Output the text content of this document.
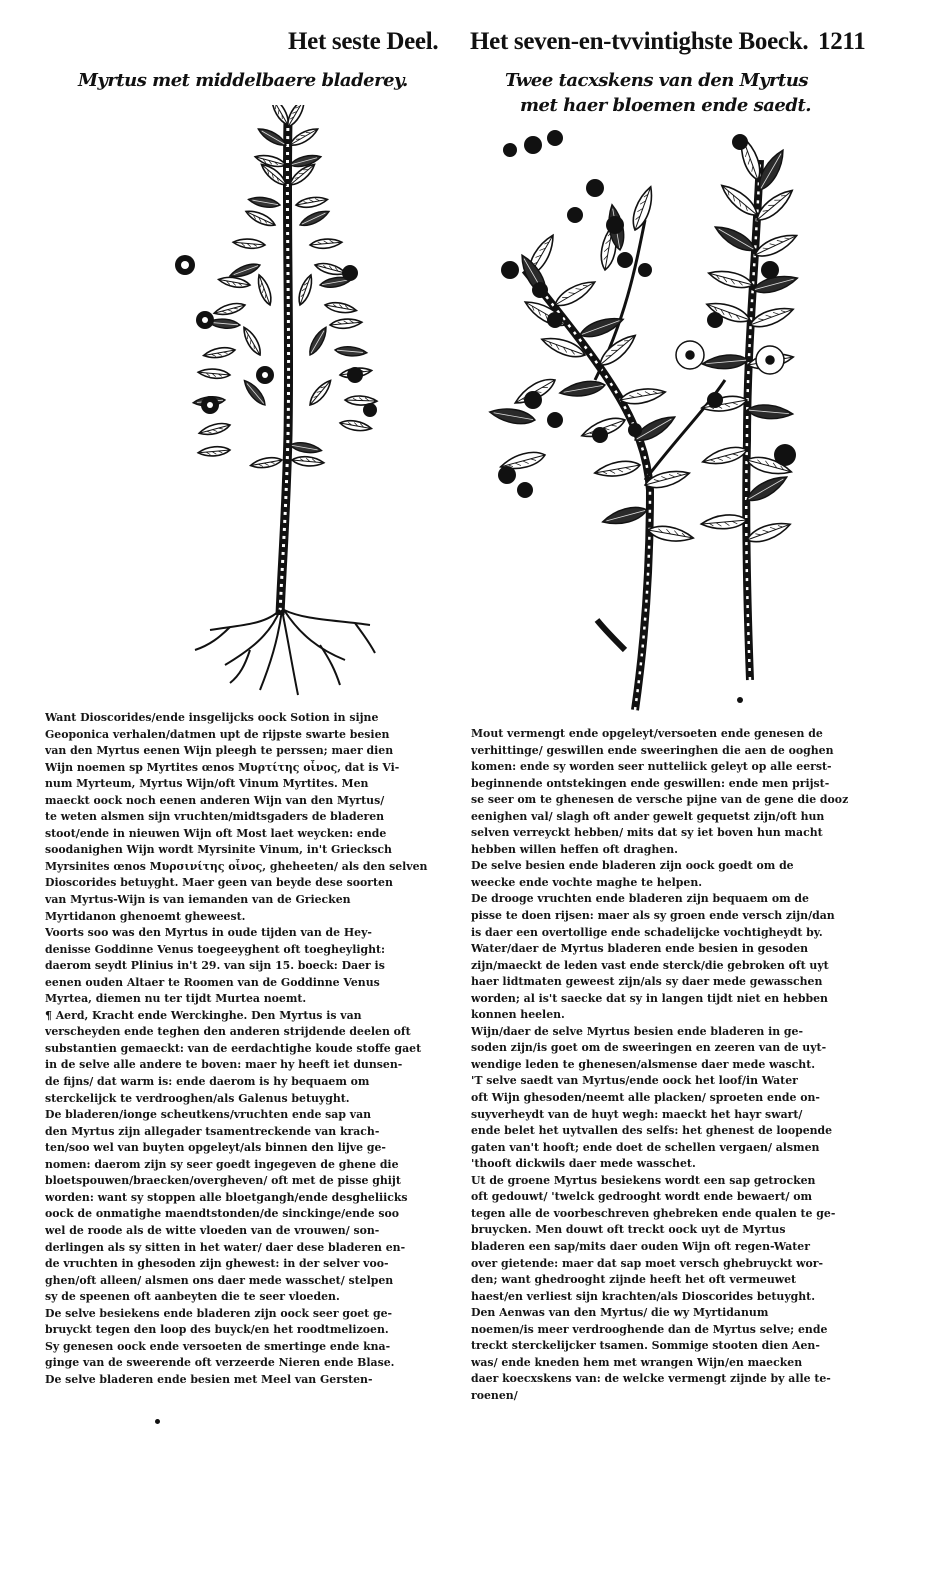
Het seste Deel. Het seven-en-tvvintighste Boeck. 1211
Myrtus met middelbaere bladerey.	Twee tacxskens van den Myrtus
met haer bloemen ende saedt.
Want Dioscorides/ende insgelijcks oock Sotion in sijne
Geoponica verhalen/datmen upt de rijpste swarte besien
van den Myrtus eenen Wijn pleegh te perssen; maer dien
Wijn noemen sp Myrtites œnos Μυρτίτης οἶνος, dat is Vi-
num Myrteum, Myrtus Wijn/oft Vinum Myrtites. Men
maeckt oock noch eenen anderen Wijn van den Myrtus/
te weten alsmen sijn vruchten/midtsgaders de bladeren
stoot/ende in nieuwen Wijn oft Most laet weycken: ende
soodanighen Wijn wordt Myrsinite Vinum, in't Griecksch
Myrsinites œnos Μυρσινίτης οἶνος, gheheeten/ als den selven
Dioscorides betuyght. Maer geen van beyde dese soorten
van Myrtus-Wijn is van iemanden van de Griecken
Myrtidanon ghenoemt gheweest.
Voorts soo was den Myrtus in oude tijden van de Hey-
denisse Goddinne Venus toegeeyghent oft toegheylight:
daerom seydt Plinius in't 29. van sijn 15. boeck: Daer is
eenen ouden Altaer te Roomen van de Goddinne Venus
Myrtea, diemen nu ter tijdt Murtea noemt.
¶ Aerd, Kracht ende Werckinghe. Den Myrtus is van
verscheyden ende teghen den anderen strijdende deelen oft
substantien gemaeckt: van de eerdachtighe koude stoffe gaet
in de selve alle andere te boven: maer hy heeft iet dunsen-
de fijns/ dat warm is: ende daerom is hy bequaem om
sterckelijck te verdrooghen/als Galenus betuyght.
De bladeren/ionge scheutkens/vruchten ende sap van
den Myrtus zijn allegader tsamentreckende van krach-
ten/soo wel van buyten opgeleyt/als binnen den lijve ge-
nomen: daerom zijn sy seer goedt ingegeven de ghene die
bloetspouwen/braecken/overgheven/ oft met de pisse ghijt
worden: want sy stoppen alle bloetgangh/ende desgheliicks
oock de onmatighe maendtstonden/de sinckinge/ende soo
wel de roode als de witte vloeden van de vrouwen/ son-
derlingen als sy sitten in het water/ daer dese bladeren en-
de vruchten in ghesoden zijn ghewest: in der selver voo-
ghen/oft alleen/ alsmen ons daer mede wasschet/ stelpen
sy de speenen oft aanbeyten die te seer vloeden.
De selve besiekens ende bladeren zijn oock seer goet ge-
bruyckt tegen den loop des buyck/en het roodtmelizoen.
Sy genesen oock ende versoeten de smertinge ende kna-
ginge van de sweerende oft verzeerde Nieren ende Blase.
De selve bladeren ende besien met Meel van Gersten-
Mout vermengt ende opgeleyt/versoeten ende genesen de
verhittinge/ geswillen ende sweeringhen die aen de ooghen
komen: ende sy worden seer nutteliick geleyt op alle eerst-
beginnende ontstekingen ende geswillen: ende men prijst-
se seer om te ghenesen de versche pijne van de gene die dooz
eenighen val/ slagh oft ander gewelt gequetst zijn/oft hun
selven verreyckt hebben/ mits dat sy iet boven hun macht
hebben willen heffen oft draghen.
De selve besien ende bladeren zijn oock goedt om de
weecke ende vochte maghe te helpen.
De drooge vruchten ende bladeren zijn bequaem om de
pisse te doen rijsen: maer als sy groen ende versch zijn/dan
is daer een overtollige ende schadelijcke vochtigheydt by.
Water/daer de Myrtus bladeren ende besien in gesoden
zijn/maeckt de leden vast ende sterck/die gebroken oft uyt
haer lidtmaten geweest zijn/als sy daer mede gewasschen
worden; al is't saecke dat sy in langen tijdt niet en hebben
konnen heelen.
Wijn/daer de selve Myrtus besien ende bladeren in ge-
soden zijn/is goet om de sweeringen en zeeren van de uyt-
wendige leden te ghenesen/alsmense daer mede wascht.
'T selve saedt van Myrtus/ende oock het loof/in Water
oft Wijn ghesoden/neemt alle placken/ sproeten ende on-
suyverheydt van de huyt wegh: maeckt het hayr swart/
ende belet het uytvallen des selfs: het ghenest de loopende
gaten van't hooft; ende doet de schellen vergaen/ alsmen
'thooft dickwils daer mede wasschet.
Ut de groene Myrtus besiekens wordt een sap getrocken
oft gedouwt/ 'twelck gedrooght wordt ende bewaert/ om
tegen alle de voorbeschreven ghebreken ende qualen te ge-
bruycken. Men douwt oft treckt oock uyt de Myrtus
bladeren een sap/mits daer ouden Wijn oft regen-Water
over gietende: maer dat sap moet versch ghebruyckt wor-
den; want ghedrooght zijnde heeft het oft vermeuwet
haest/en verliest sijn krachten/als Dioscorides betuyght.
Den Aenwas van den Myrtus/ die wy Myrtidanum
noemen/is meer verdrooghende dan de Myrtus selve; ende
treckt sterckelijcker tsamen. Sommige stooten dien Aen-
was/ ende kneden hem met wrangen Wijn/en maecken
daer koecxskens van: de welcke vermengt zijnde by alle te-
roenen/
